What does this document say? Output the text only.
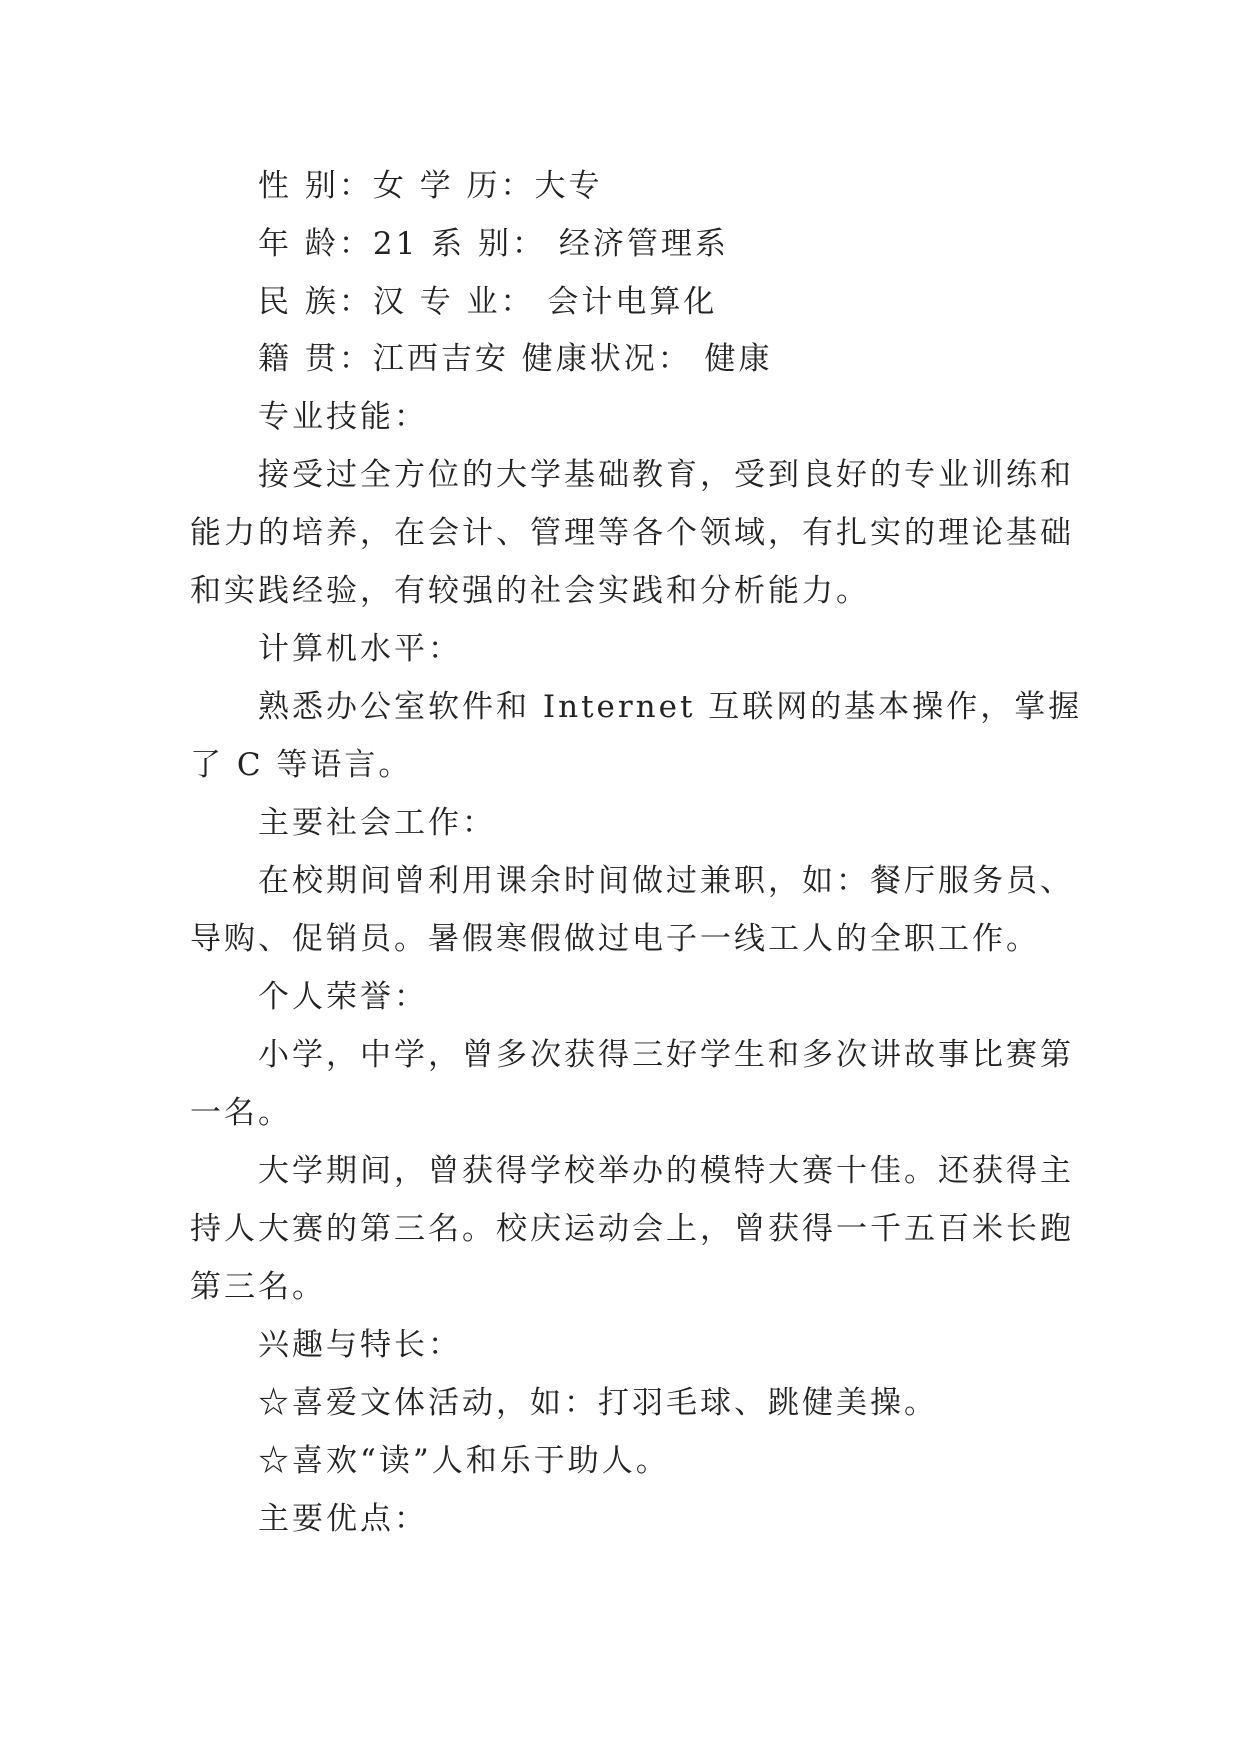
性 别：女 学 历：大专
年 龄：21 系 别： 经济管理系
民 族：汉 专 业： 会计电算化
籍 贯：江西吉安 健康状况： 健康
专业技能：
接受过全方位的大学基础教育，受到良好的专业训练和
能力的培养，在会计、管理等各个领域，有扎实的理论基础
和实践经验，有较强的社会实践和分析能力。
计算机水平：
熟悉办公室软件和 Internet 互联网的基本操作，掌握
了 C 等语言。
主要社会工作：
在校期间曾利用课余时间做过兼职，如：餐厅服务员、
导购、促销员。暑假寒假做过电子一线工人的全职工作。
个人荣誉：
小学，中学，曾多次获得三好学生和多次讲故事比赛第
一名。
大学期间，曾获得学校举办的模特大赛十佳。还获得主
持人大赛的第三名。校庆运动会上，曾获得一千五百米长跑
第三名。
兴趣与特长：
☆喜爱文体活动，如：打羽毛球、跳健美操。
☆喜欢“读”人和乐于助人。
主要优点：
